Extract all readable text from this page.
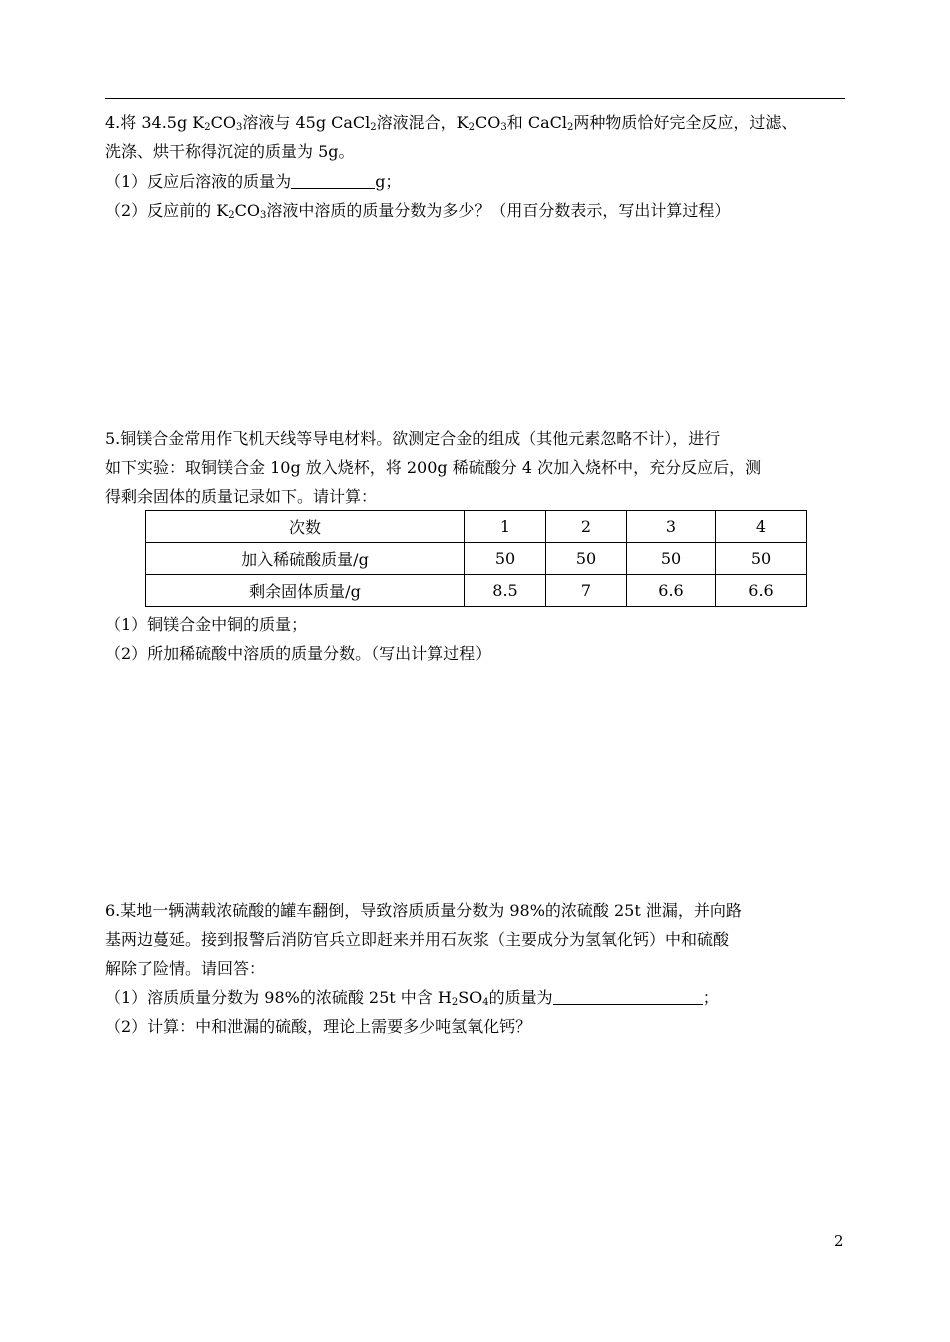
4.将 34.5g $K_2CO_3$溶液与 45g CaCl$_2$溶液混合，$K_2CO_3$和 CaCl$_2$两种物质恰好完全反应，过滤、
洗涤、烘干称得沉淀的质量为 5g。
（1）反应后溶液的质量为	g；
（2）反应前的 $K_2CO_3$溶液中溶质的质量分数为多少？（用百分数表示，写出计算过程）
5.铜镁合金常用作飞机天线等导电材料。欲测定合金的组成（其他元素忽略不计），进行
如下实验：取铜镁合金 10g 放入烧杯，将 200g 稀硫酸分 4 次加入烧杯中，充分反应后，测
得剩余固体的质量记录如下。请计算：
次数	1	2	3	4
加入稀硫酸质量/g	50	50	50	50
剩余固体质量/g	8.5	7	6.6	6.6
（1）铜镁合金中铜的质量；
（2）所加稀硫酸中溶质的质量分数。（写出计算过程）
6.某地一辆满载浓硫酸的罐车翻倒，导致溶质质量分数为 98%的浓硫酸 25t 泄漏，并向路
基两边蔓延。接到报警后消防官兵立即赶来并用石灰浆（主要成分为氢氧化钙）中和硫酸
解除了险情。请回答：
（1）溶质质量分数为 98%的浓硫酸 25t 中含 $H_2SO_4$的质量为	；
（2）计算：中和泄漏的硫酸，理论上需要多少吨氢氧化钙？
2
